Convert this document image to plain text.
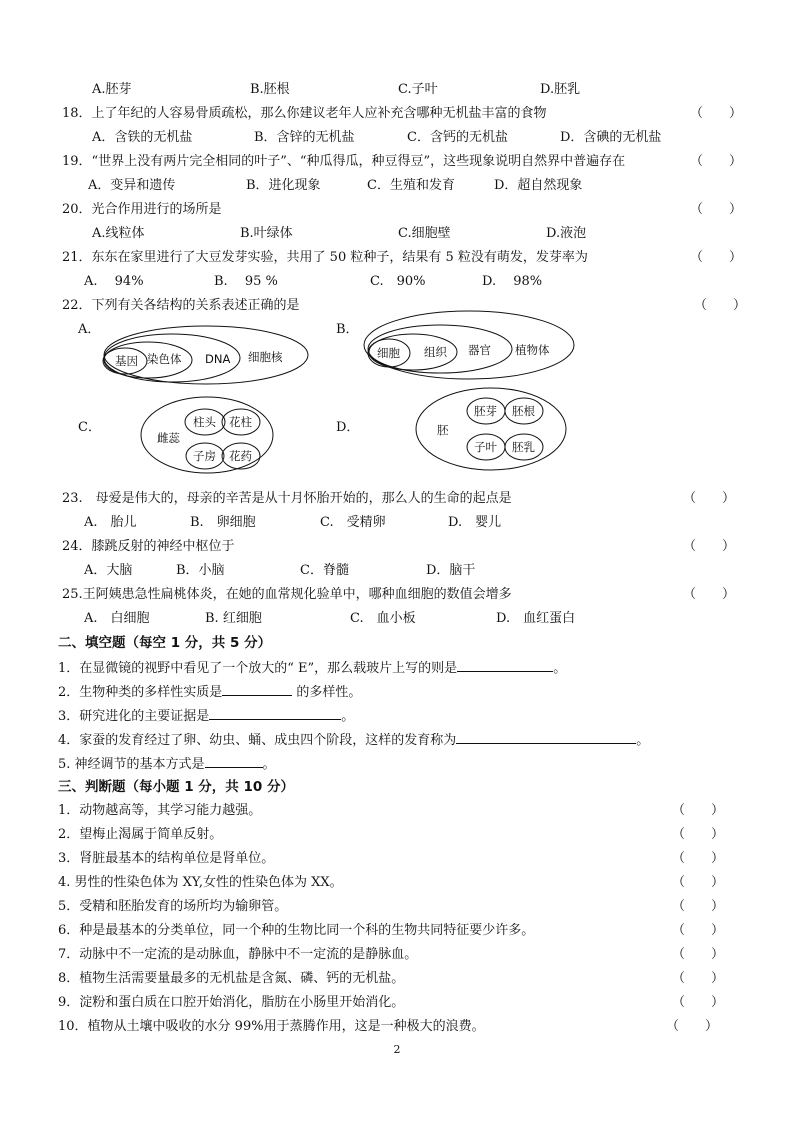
A.胚芽	B.胚根	C.子叶	D.胚乳
18．上了年纪的人容易骨质疏松，那么你建议老年人应补充含哪种无机盐丰富的食物	（　　）
A．含铁的无机盐	B．含锌的无机盐	C．含钙的无机盐	D．含碘的无机盐
19．“世界上没有两片完全相同的叶子”、“种瓜得瓜，种豆得豆”，这些现象说明自然界中普遍存在	（　　）
A．变异和遗传	B．进化现象	C．生殖和发育	D．超自然现象
20．光合作用进行的场所是	（　　）
A.线粒体	B.叶绿体	C.细胞壁	D.液泡
21．东东在家里进行了大豆发芽实验，共用了 50 粒种子，结果有 5 粒没有萌发，发芽率为	（　　）
A.　 94%	B.　 95 %	C.　90%	D.　 98%
22．下列有关各结构的关系表述正确的是	（　　）
A．	B．
C．	D．
基因 染色体 DNA 细胞核	细胞 组织 器官 植物体
雌蕊
柱头 花柱
子房 花药
胚
胚芽 胚根
子叶 胚乳
23.　母爱是伟大的，母亲的辛苦是从十月怀胎开始的，那么人的生命的起点是	（　　）
A.　胎儿	B.　卵细胞	C.　受精卵	D.　婴儿
24．膝跳反射的神经中枢位于	（　　）
A．大脑	B．小脑	C．脊髓	D．脑干
25.王阿姨患急性扁桃体炎，在她的血常规化验单中，哪种血细胞的数值会增多	（　　）
A.　白细胞	B. 红细胞	C.　血小板	D.　血红蛋白
二、填空题（每空 1 分，共 5 分）
1．在显微镜的视野中看见了一个放大的“ E”，那么载玻片上写的则是	。
2．生物种类的多样性实质是	的多样性。
3．研究进化的主要证据是	。
4．家蚕的发育经过了卵、幼虫、蛹、成虫四个阶段，这样的发育称为	。
5. 神经调节的基本方式是	。
三、判断题（每小题 1 分，共 10 分）
1．动物越高等，其学习能力越强。	（　　）
2．望梅止渴属于简单反射。	（　　）
3．肾脏最基本的结构单位是肾单位。	（　　）
4. 男性的性染色体为 XY,女性的性染色体为 XX。	（　　）
5．受精和胚胎发育的场所均为输卵管。	（　　）
6．种是最基本的分类单位，同一个种的生物比同一个科的生物共同特征要少许多。	（　　）
7．动脉中不一定流的是动脉血，静脉中不一定流的是静脉血。	（　　）
8．植物生活需要量最多的无机盐是含氮、磷、钙的无机盐。	（　　）
9．淀粉和蛋白质在口腔开始消化，脂肪在小肠里开始消化。	（　　）
10．植物从土壤中吸收的水分 99%用于蒸腾作用，这是一种极大的浪费。	（　　）
2
